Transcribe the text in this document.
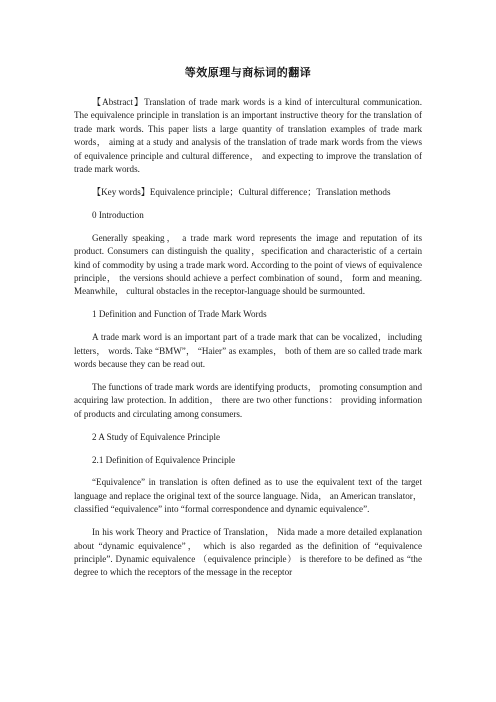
等效原理与商标词的翻译

【Abstract】Translation of trade mark words is a kind of intercultural communication. The equivalence principle in translation is an important instructive theory for the translation of trade mark words. This paper lists a large quantity of translation examples of trade mark words， aiming at a study and analysis of the translation of trade mark words from the views of equivalence principle and cultural difference， and expecting to improve the translation of trade mark words.

【Key words】Equivalence principle；Cultural difference；Translation methods

0 Introduction

Generally speaking， a trade mark word represents the image and reputation of its product. Consumers can distinguish the quality，specification and characteristic of a certain kind of commodity by using a trade mark word. According to the point of views of equivalence principle， the versions should achieve a perfect combination of sound， form and meaning. Meanwhile， cultural obstacles in the receptor-language should be surmounted.

1 Definition and Function of Trade Mark Words

A trade mark word is an important part of a trade mark that can be vocalized，including letters， words. Take “BMW”， “Haier” as examples， both of them are so called trade mark words because they can be read out.

The functions of trade mark words are identifying products， promoting consumption and acquiring law protection. In addition， there are two other functions： providing information of products and circulating among consumers.

2 A Study of Equivalence Principle

2.1 Definition of Equivalence Principle

“Equivalence” in translation is often defined as to use the equivalent text of the target language and replace the original text of the source language. Nida， an American translator， classified “equivalence” into “formal correspondence and dynamic equivalence”.

In his work Theory and Practice of Translation， Nida made a more detailed explanation about “dynamic equivalence”， which is also regarded as the definition of “equivalence principle”. Dynamic equivalence （equivalence principle） is therefore to be defined as “the degree to which the receptors of the message in the receptor
